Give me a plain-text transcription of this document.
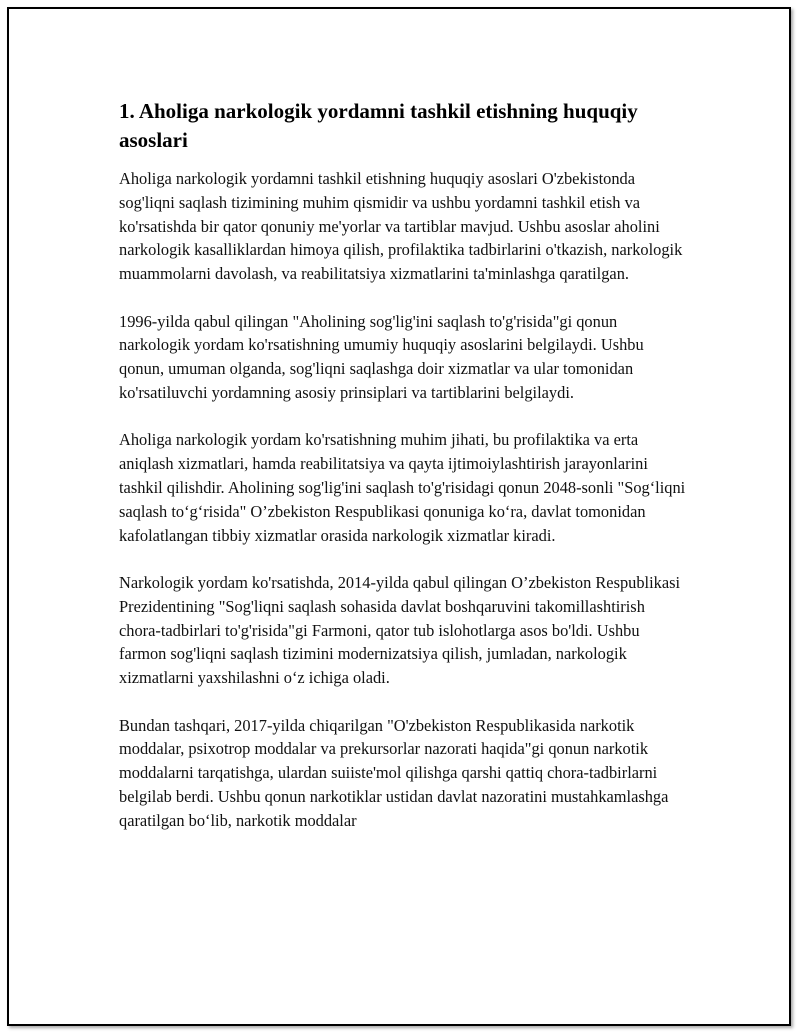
1. Aholiga narkologik yordamni tashkil etishning huquqiy asoslari

Aholiga narkologik yordamni tashkil etishning huquqiy asoslari O'zbekistonda sog'liqni saqlash tizimining muhim qismidir va ushbu yordamni tashkil etish va ko'rsatishda bir qator qonuniy me'yorlar va tartiblar mavjud. Ushbu asoslar aholini narkologik kasalliklardan himoya qilish, profilaktika tadbirlarini o'tkazish, narkologik muammolarni davolash, va reabilitatsiya xizmatlarini ta'minlashga qaratilgan.

1996-yilda qabul qilingan "Aholining sog'lig'ini saqlash to'g'risida"gi qonun narkologik yordam ko'rsatishning umumiy huquqiy asoslarini belgilaydi. Ushbu qonun, umuman olganda, sog'liqni saqlashga doir xizmatlar va ular tomonidan ko'rsatiluvchi yordamning asosiy prinsiplari va tartiblarini belgilaydi.

Aholiga narkologik yordam ko'rsatishning muhim jihati, bu profilaktika va erta aniqlash xizmatlari, hamda reabilitatsiya va qayta ijtimoiylashtirish jarayonlarini tashkil qilishdir. Aholining sog'lig'ini saqlash to'g'risidagi qonun 2048-sonli "Sog‘liqni saqlash to‘g‘risida" O’zbekiston Respublikasi qonuniga ko‘ra, davlat tomonidan kafolatlangan tibbiy xizmatlar orasida narkologik xizmatlar kiradi.

Narkologik yordam ko'rsatishda, 2014-yilda qabul qilingan O’zbekiston Respublikasi Prezidentining "Sog'liqni saqlash sohasida davlat boshqaruvini takomillashtirish chora-tadbirlari to'g'risida"gi Farmoni, qator tub islohotlarga asos bo'ldi. Ushbu farmon sog'liqni saqlash tizimini modernizatsiya qilish, jumladan, narkologik xizmatlarni yaxshilashni o‘z ichiga oladi.

Bundan tashqari, 2017-yilda chiqarilgan "O'zbekiston Respublikasida narkotik moddalar, psixotrop moddalar va prekursorlar nazorati haqida"gi qonun narkotik moddalarni tarqatishga, ulardan suiiste'mol qilishga qarshi qattiq chora-tadbirlarni belgilab berdi. Ushbu qonun narkotiklar ustidan davlat nazoratini mustahkamlashga qaratilgan bo‘lib, narkotik moddalar
